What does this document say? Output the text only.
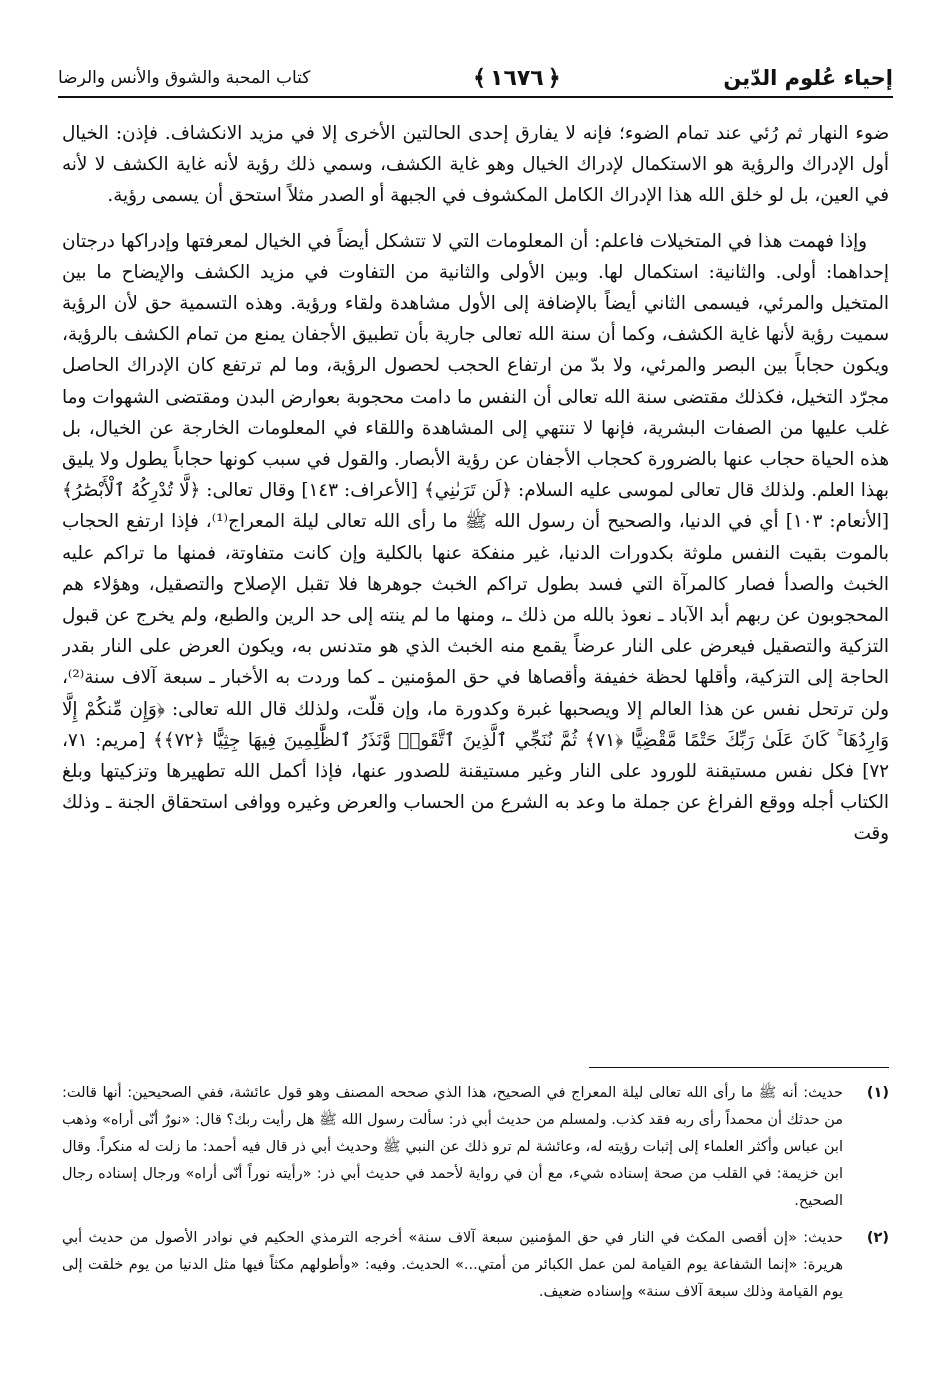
إحياء عُلوم الدّين
﴿
١٦٧٦
﴾
كتاب المحبة والشوق والأنس والرضا

ضوء النهار ثم رُئي عند تمام الضوء؛ فإنه لا يفارق إحدى الحالتين الأخرى إلا في مزيد الانكشاف. فإذن: الخيال أول الإدراك والرؤية هو الاستكمال لإدراك الخيال وهو غاية الكشف، وسمي ذلك رؤية لأنه غاية الكشف لا لأنه في العين، بل لو خلق الله هذا الإدراك الكامل المكشوف في الجبهة أو الصدر مثلاً استحق أن يسمى رؤية.

وإذا فهمت هذا في المتخيلات فاعلم: أن المعلومات التي لا تتشكل أيضاً في الخيال لمعرفتها وإدراكها درجتان إحداهما: أولى. والثانية: استكمال لها. وبين الأولى والثانية من التفاوت في مزيد الكشف والإيضاح ما بين المتخيل والمرئي، فيسمى الثاني أيضاً بالإضافة إلى الأول مشاهدة ولقاء ورؤية. وهذه التسمية حق لأن الرؤية سميت رؤية لأنها غاية الكشف، وكما أن سنة الله تعالى جارية بأن تطبيق الأجفان يمنع من تمام الكشف بالرؤية، ويكون حجاباً بين البصر والمرئي، ولا بدّ من ارتفاع الحجب لحصول الرؤية، وما لم ترتفع كان الإدراك الحاصل مجرّد التخيل، فكذلك مقتضى سنة الله تعالى أن النفس ما دامت محجوبة بعوارض البدن ومقتضى الشهوات وما غلب عليها من الصفات البشرية، فإنها لا تنتهي إلى المشاهدة واللقاء في المعلومات الخارجة عن الخيال، بل هذه الحياة حجاب عنها بالضرورة كحجاب الأجفان عن رؤية الأبصار. والقول في سبب كونها حجاباً يطول ولا يليق بهذا العلم. ولذلك قال تعالى لموسى عليه السلام: ﴿لَن تَرَىٰنِي﴾ [الأعراف: ١٤٣] وقال تعالى: ﴿لَّا تُدْرِكُهُ ٱلْأَبْصَٰرُ﴾ [الأنعام: ١٠٣] أي في الدنيا، والصحيح أن رسول الله ﷺ ما رأى الله تعالى ليلة المعراج⁽¹⁾، فإذا ارتفع الحجاب بالموت بقيت النفس ملوثة بكدورات الدنيا، غير منفكة عنها بالكلية وإن كانت متفاوتة، فمنها ما تراكم عليه الخبث والصدأ فصار كالمرآة التي فسد بطول تراكم الخبث جوهرها فلا تقبل الإصلاح والتصقيل، وهؤلاء هم المحجوبون عن ربهم أبد الآباد ـ نعوذ بالله من ذلك ـ، ومنها ما لم ينته إلى حد الرين والطبع، ولم يخرج عن قبول التزكية والتصقيل فيعرض على النار عرضاً يقمع منه الخبث الذي هو متدنس به، ويكون العرض على النار بقدر الحاجة إلى التزكية، وأقلها لحظة خفيفة وأقصاها في حق المؤمنين ـ كما وردت به الأخبار ـ سبعة آلاف سنة⁽²⁾، ولن ترتحل نفس عن هذا العالم إلا ويصحبها غبرة وكدورة ما، وإن قلّت، ولذلك قال الله تعالى: ﴿وَإِن مِّنكُمْ إِلَّا وَارِدُهَا ۚ كَانَ عَلَىٰ رَبِّكَ حَتْمًا مَّقْضِيًّا ﴿٧١﴾ ثُمَّ نُنَجِّي ٱلَّذِينَ ٱتَّقَوا۟ وَّنَذَرُ ٱلظَّٰلِمِينَ فِيهَا جِثِيًّا ﴿٧٢﴾﴾ [مريم: ٧١، ٧٢] فكل نفس مستيقنة للورود على النار وغير مستيقنة للصدور عنها، فإذا أكمل الله تطهيرها وتزكيتها وبلغ الكتاب أجله ووقع الفراغ عن جملة ما وعد به الشرع من الحساب والعرض وغيره ووافى استحقاق الجنة ـ وذلك وقت

(١)

حديث: أنه ﷺ ما رأى الله تعالى ليلة المعراج في الصحيح، هذا الذي صححه المصنف وهو قول عائشة، ففي الصحيحين: أنها قالت: من حدثك أن محمداً رأى ربه فقد كذب. ولمسلم من حديث أبي ذر: سألت رسول الله ﷺ هل رأيت ربك؟ قال: «نورٌ أنّى أراه» وذهب ابن عباس وأكثر العلماء إلى إثبات رؤيته له، وعائشة لم ترو ذلك عن النبي ﷺ وحديث أبي ذر قال فيه أحمد: ما زلت له منكراً. وقال ابن خزيمة: في القلب من صحة إسناده شيء، مع أن في رواية لأحمد في حديث أبي ذر: «رأيته نوراً أنّى أراه» ورجال إسناده رجال الصحيح.

(٢)

حديث: «إن أقصى المكث في النار في حق المؤمنين سبعة آلاف سنة» أخرجه الترمذي الحكيم في نوادر الأصول من حديث أبي هريرة: «إنما الشفاعة يوم القيامة لمن عمل الكبائر من أمتي...» الحديث. وفيه: «وأطولهم مكثاً فيها مثل الدنيا من يوم خلقت إلى يوم القيامة وذلك سبعة آلاف سنة» وإسناده ضعيف.
